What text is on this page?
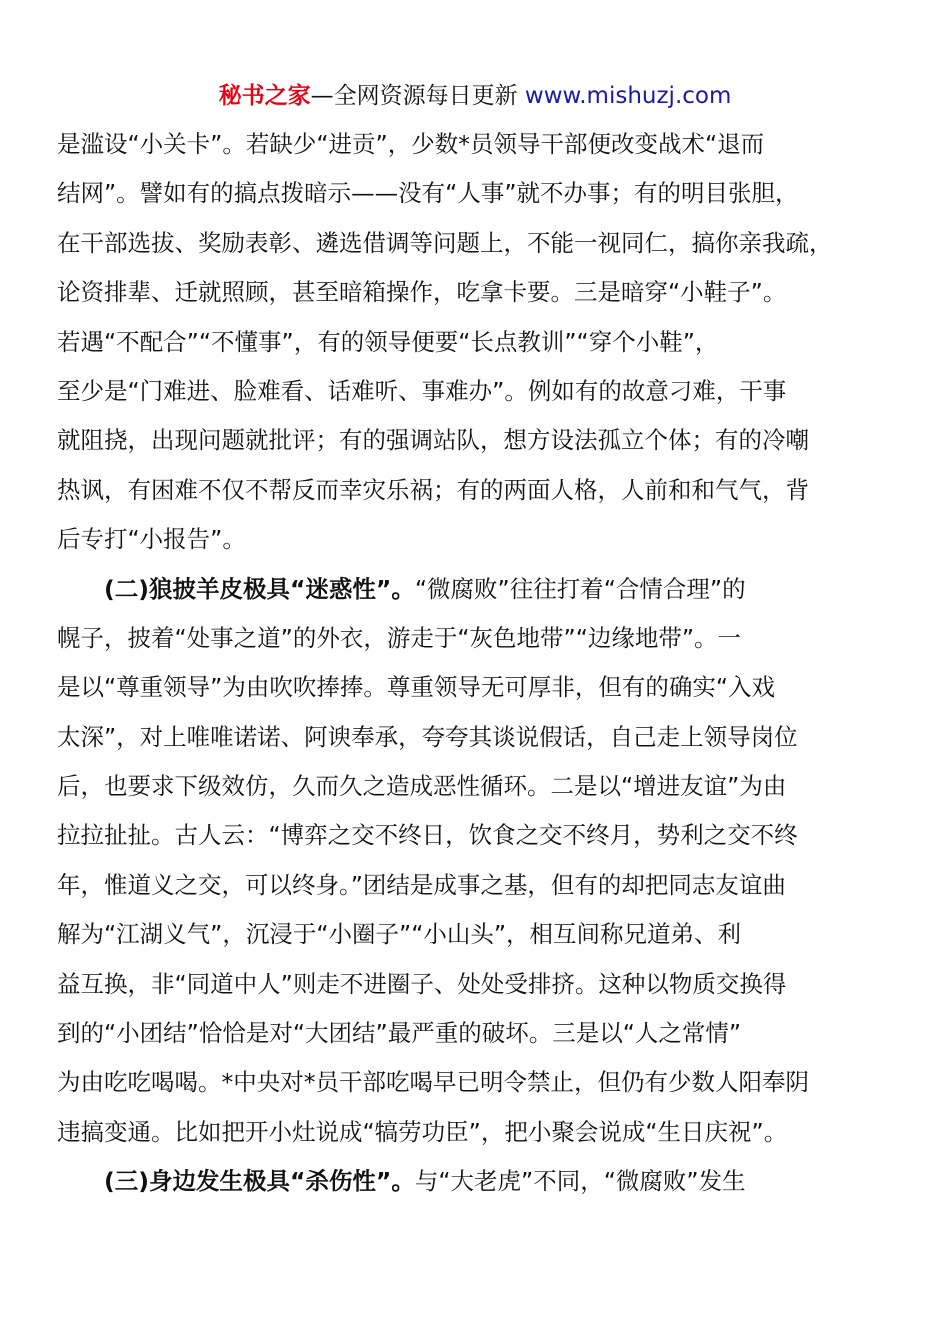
秘书之家—全网资源每日更新 www.mishuzj.com
是滥设“小关卡”。若缺少“进贡”，少数*员领导干部便改变战术“退而
结网”。譬如有的搞点拨暗示——没有“人事”就不办事；有的明目张胆，
在干部选拔、奖励表彰、遴选借调等问题上，不能一视同仁，搞你亲我疏，
论资排辈、迁就照顾，甚至暗箱操作，吃拿卡要。三是暗穿“小鞋子”。
若遇“不配合”“不懂事”，有的领导便要“长点教训”“穿个小鞋”，
至少是“门难进、脸难看、话难听、事难办”。例如有的故意刁难，干事
就阻挠，出现问题就批评；有的强调站队，想方设法孤立个体；有的冷嘲
热讽，有困难不仅不帮反而幸灾乐祸；有的两面人格，人前和和气气，背
后专打“小报告”。
(二)狼披羊皮极具“迷惑性”。“微腐败”往往打着“合情合理”的
幌子，披着“处事之道”的外衣，游走于“灰色地带”“边缘地带”。一
是以“尊重领导”为由吹吹捧捧。尊重领导无可厚非，但有的确实“入戏
太深”，对上唯唯诺诺、阿谀奉承，夸夸其谈说假话，自己走上领导岗位
后，也要求下级效仿，久而久之造成恶性循环。二是以“增进友谊”为由
拉拉扯扯。古人云：“博弈之交不终日，饮食之交不终月，势利之交不终
年，惟道义之交，可以终身。”团结是成事之基，但有的却把同志友谊曲
解为“江湖义气”，沉浸于“小圈子”“小山头”，相互间称兄道弟、利
益互换，非“同道中人”则走不进圈子、处处受排挤。这种以物质交换得
到的“小团结”恰恰是对“大团结”最严重的破坏。三是以“人之常情”
为由吃吃喝喝。*中央对*员干部吃喝早已明令禁止，但仍有少数人阳奉阴
违搞变通。比如把开小灶说成“犒劳功臣”，把小聚会说成“生日庆祝”。
(三)身边发生极具“杀伤性”。与“大老虎”不同，“微腐败”发生
